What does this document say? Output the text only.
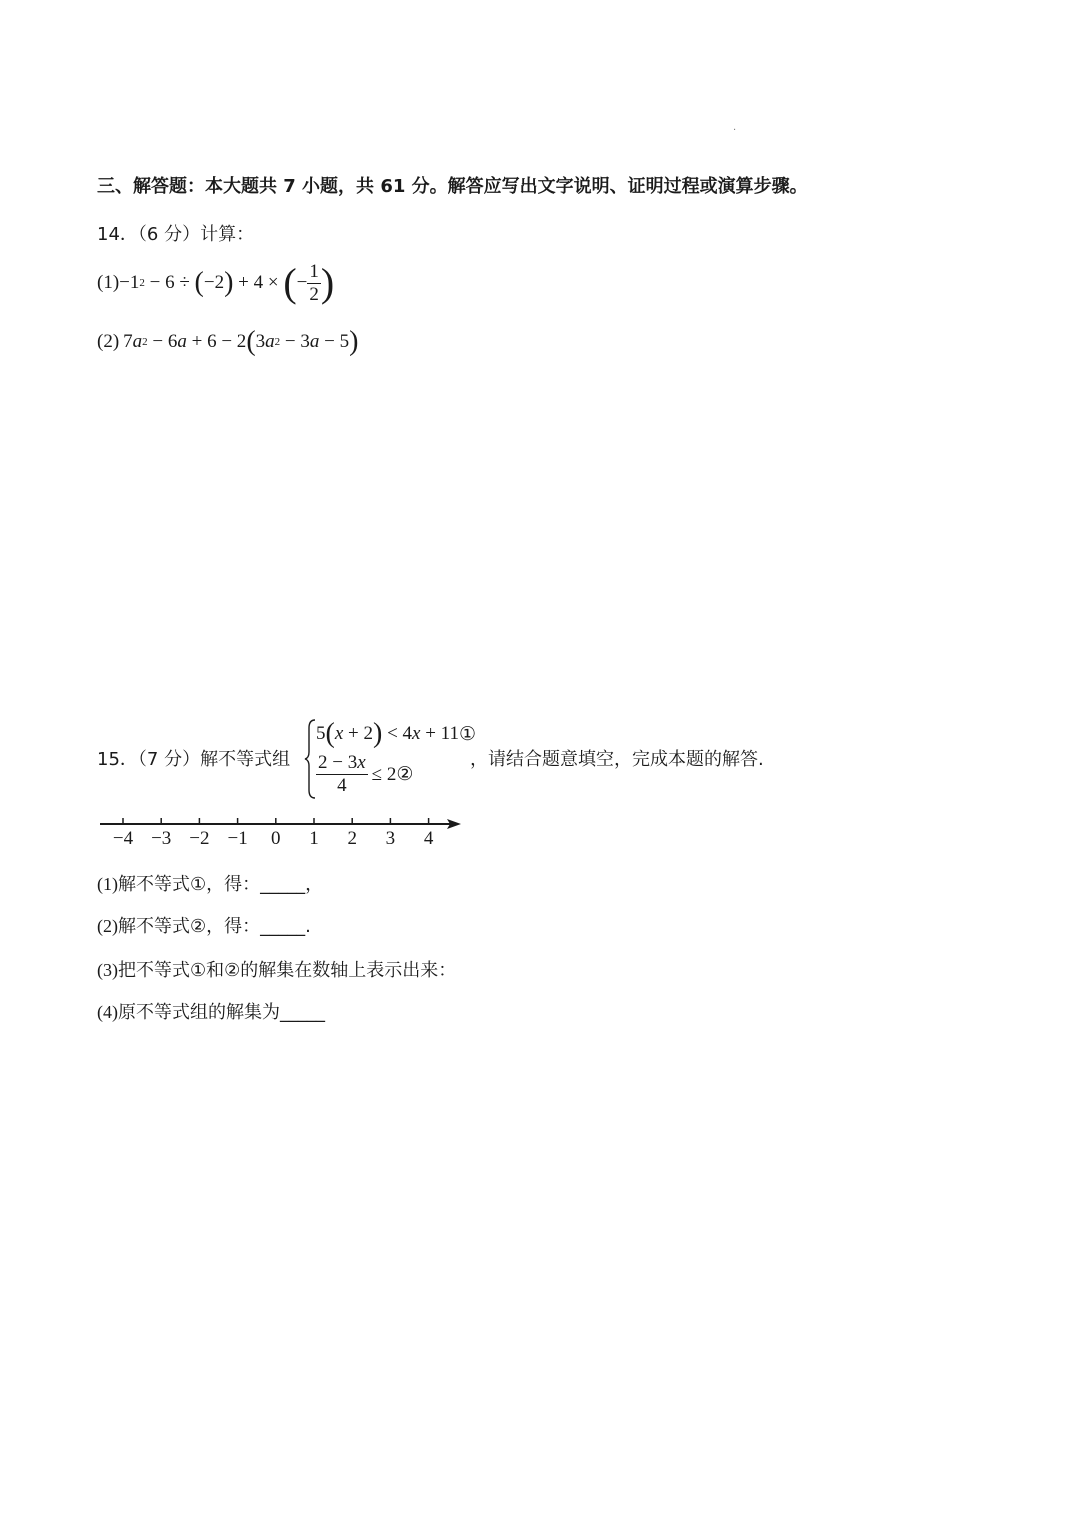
.
三、解答题：本大题共 7 小题，共 61 分。解答应写出文字说明、证明过程或演算步骤。
14．（6 分）计算：
(1) −1 2 − 6 ÷ ( −2 ) + 4 × ( − $\frac{1}{2}$ )
(2) 7 a 2 − 6 a + 6 − 2 ( 3 a 2 − 3 a − 5 )
15．（7 分）解不等式组
5 ( x + 2 ) < 4 x + 11 ①
$\frac{2 - 3x}{4} \le 2$ ②
，请结合题意填空，完成本题的解答.
−4 −3 −2 −1 0 1 2 3 4
(1)解不等式①，得：_____，
(2)解不等式②，得：_____.
(3)把不等式①和②的解集在数轴上表示出来：
(4)原不等式组的解集为_____
